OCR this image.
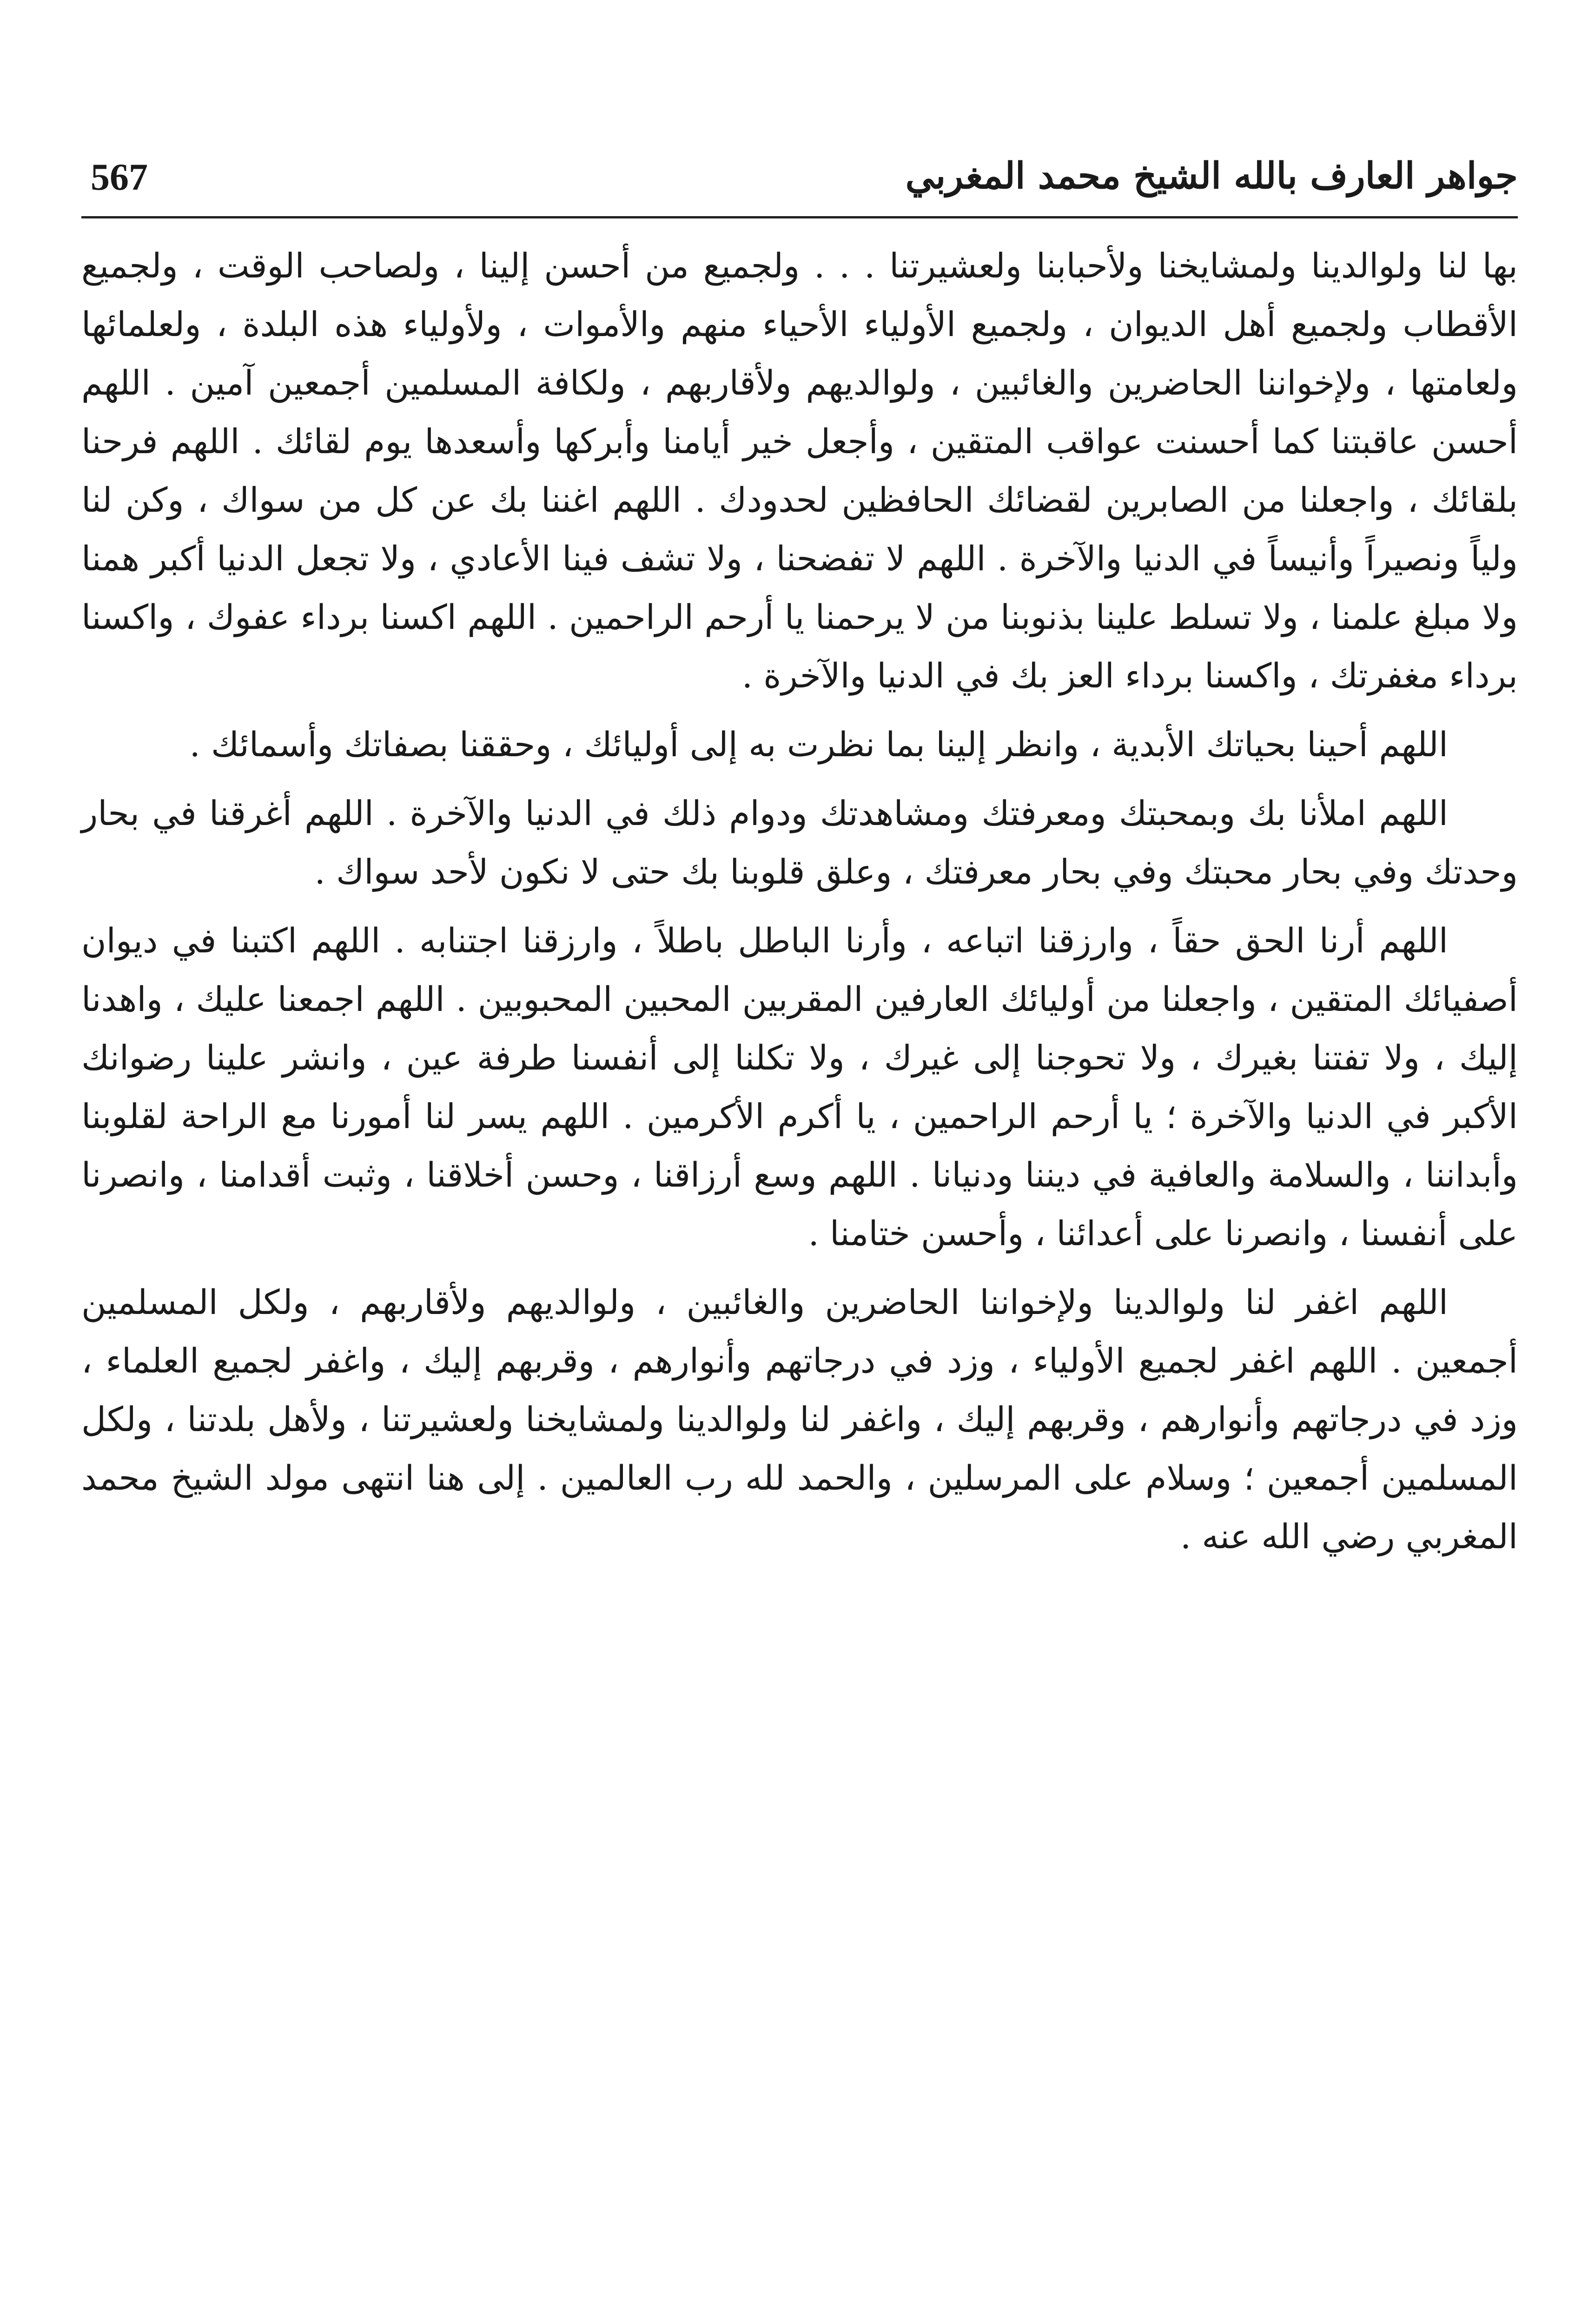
جواهر العارف بالله الشيخ محمد المغربي
567

بها لنا ولوالدينا ولمشايخنا ولأحبابنا ولعشيرتنا . . . ولجميع من أحسن إلينا ، ولصاحب الوقت ، ولجميع الأقطاب ولجميع أهل الديوان ، ولجميع الأولياء الأحياء منهم والأموات ، ولأولياء هذه البلدة ، ولعلمائها ولعامتها ، ولإخواننا الحاضرين والغائبين ، ولوالديهم ولأقاربهم ، ولكافة المسلمين أجمعين آمين . اللهم أحسن عاقبتنا كما أحسنت عواقب المتقين ، وأجعل خير أيامنا وأبركها وأسعدها يوم لقائك . اللهم فرحنا بلقائك ، واجعلنا من الصابرين لقضائك الحافظين لحدودك . اللهم اغننا بك عن كل من سواك ، وكن لنا ولياً ونصيراً وأنيساً في الدنيا والآخرة . اللهم لا تفضحنا ، ولا تشف فينا الأعادي ، ولا تجعل الدنيا أكبر همنا ولا مبلغ علمنا ، ولا تسلط علينا بذنوبنا من لا يرحمنا يا أرحم الراحمين . اللهم اكسنا برداء عفوك ، واكسنا برداء مغفرتك ، واكسنا برداء العز بك في الدنيا والآخرة .

اللهم أحينا بحياتك الأبدية ، وانظر إلينا بما نظرت به إلى أوليائك ، وحققنا بصفاتك وأسمائك .

اللهم املأنا بك وبمحبتك ومعرفتك ومشاهدتك ودوام ذلك في الدنيا والآخرة . اللهم أغرقنا في بحار وحدتك وفي بحار محبتك وفي بحار معرفتك ، وعلق قلوبنا بك حتى لا نكون لأحد سواك .

اللهم أرنا الحق حقاً ، وارزقنا اتباعه ، وأرنا الباطل باطلاً ، وارزقنا اجتنابه . اللهم اكتبنا في ديوان أصفيائك المتقين ، واجعلنا من أوليائك العارفين المقربين المحبين المحبوبين . اللهم اجمعنا عليك ، واهدنا إليك ، ولا تفتنا بغيرك ، ولا تحوجنا إلى غيرك ، ولا تكلنا إلى أنفسنا طرفة عين ، وانشر علينا رضوانك الأكبر في الدنيا والآخرة ؛ يا أرحم الراحمين ، يا أكرم الأكرمين . اللهم يسر لنا أمورنا مع الراحة لقلوبنا وأبداننا ، والسلامة والعافية في ديننا ودنيانا . اللهم وسع أرزاقنا ، وحسن أخلاقنا ، وثبت أقدامنا ، وانصرنا على أنفسنا ، وانصرنا على أعدائنا ، وأحسن ختامنا .

اللهم اغفر لنا ولوالدينا ولإخواننا الحاضرين والغائبين ، ولوالديهم ولأقاربهم ، ولكل المسلمين أجمعين . اللهم اغفر لجميع الأولياء ، وزد في درجاتهم وأنوارهم ، وقربهم إليك ، واغفر لجميع العلماء ، وزد في درجاتهم وأنوارهم ، وقربهم إليك ، واغفر لنا ولوالدينا ولمشايخنا ولعشيرتنا ، ولأهل بلدتنا ، ولكل المسلمين أجمعين ؛ وسلام على المرسلين ، والحمد لله رب العالمين . إلى هنا انتهى مولد الشيخ محمد المغربي رضي الله عنه .
